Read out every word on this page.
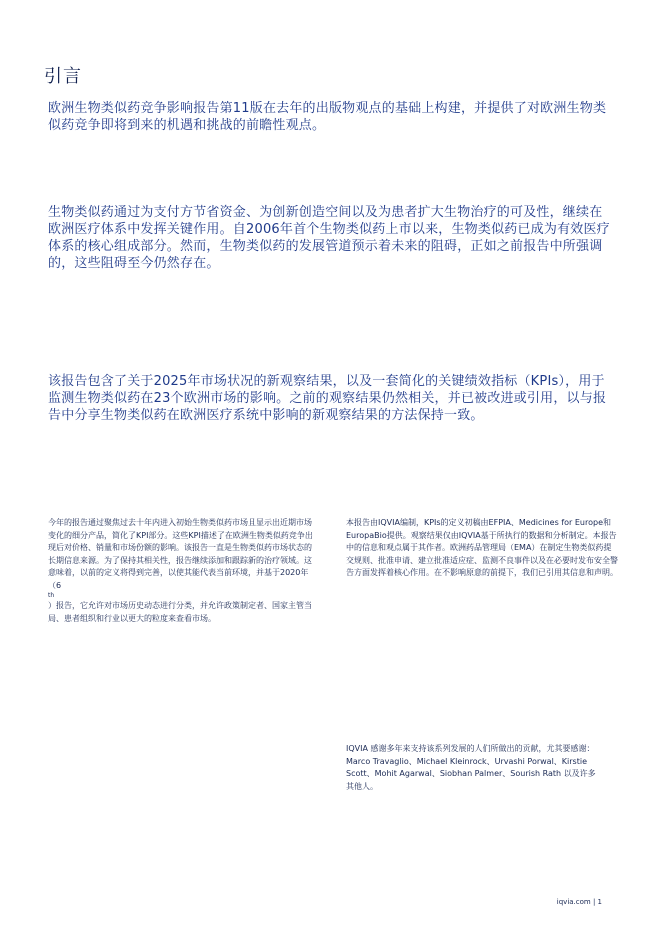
引言
欧洲生物类似药竞争影响报告第11版在去年的出版物观点的基础上构建，并提供了对欧洲生物类似药竞争即将到来的机遇和挑战的前瞻性观点。
生物类似药通过为支付方节省资金、为创新创造空间以及为患者扩大生物治疗的可及性，继续在欧洲医疗体系中发挥关键作用。自2006年首个生物类似药上市以来，生物类似药已成为有效医疗体系的核心组成部分。然而，生物类似药的发展管道预示着未来的阻碍，正如之前报告中所强调的，这些阻碍至今仍然存在。
该报告包含了关于2025年市场状况的新观察结果，以及一套简化的关键绩效指标（KPIs），用于监测生物类似药在23个欧洲市场的影响。之前的观察结果仍然相关，并已被改进或引用，以与报告中分享生物类似药在欧洲医疗系统中影响的新观察结果的方法保持一致。
今年的报告通过聚焦过去十年内进入初始生物类似药市场且显示出近期市场变化的细分产品，简化了KPI部分。这些KPI描述了在欧洲生物类似药竞争出现后对价格、销量和市场份额的影响。该报告一直是生物类似药市场状态的长期信息来源。为了保持其相关性，报告继续添加和跟踪新的治疗领域。这意味着，以前的定义将得到完善，以使其能代表当前环境，并基于2020年（6
th
）报告，它允许对市场历史动态进行分类，并允许政策制定者、国家主管当局、患者组织和行业以更大的粒度来查看市场。
本报告由IQVIA编制，KPIs的定义初稿由EFPIA、Medicines for Europe和EuropaBio提供。观察结果仅由IQVIA基于所执行的数据和分析制定。本报告中的信息和观点属于其作者。欧洲药品管理局（EMA）在制定生物类似药提交规则、批准申请、建立批准适应症、监测不良事件以及在必要时发布安全警告方面发挥着核心作用。在不影响原意的前提下，我们已引用其信息和声明。
IQVIA 感谢多年来支持该系列发展的人们所做出的贡献，尤其要感谢：Marco Travaglio、Michael Kleinrock、Urvashi Porwal、Kirstie Scott、Mohit Agarwal、Siobhan Palmer、Sourish Rath 以及许多其他人。
iqvia.com | 1
